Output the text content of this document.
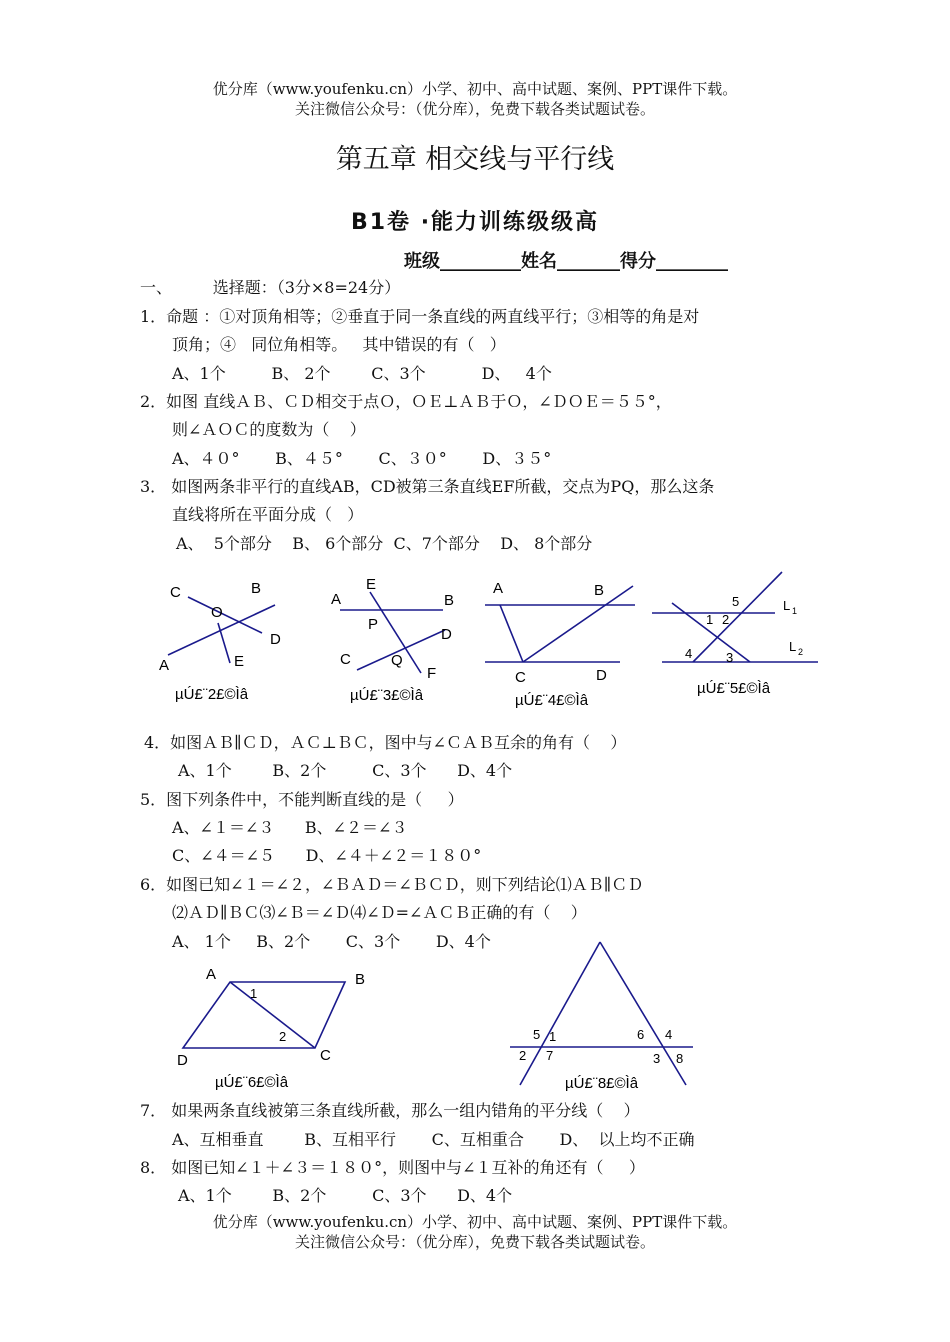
优分库（www.youfenku.cn）小学、初中、高中试题、案例、PPT课件下载。
关注微信公众号：（优分库），免费下载各类试题试卷。
第五章 相交线与平行线
B1卷 ·能力训练级级高
班级_________姓名_______得分________
一、        选择题：（3分×8=24分）
1．命题 ：①对顶角相等；②垂直于同一条直线的两直线平行；③相等的角是对
顶角；④   同位角相等。   其中错误的有（   ）
A、1个         B、 2个        C、3个           D、   4个
2．如图 直线ＡＢ、ＣＤ相交于点Ｏ，ＯＥ⊥ＡＢ于Ｏ，∠ＤＯＥ＝５５°，
则∠ＡＯＣ的度数为（    ）
A、４０°       B、４５°       C、３０°       D、３５°
3． 如图两条非平行的直线AB，CD被第三条直线EF所截，交点为PQ，那么这条
直线将所在平面分成（   ）
A、  5个部分    B、 6个部分  C、7个部分    D、 8个部分
C	B
O
D
A	E
µÚ£¨2£©Ìâ
E
A	B
P
D
C	Q
F
µÚ£¨3£©Ìâ
A	B
C	D
µÚ£¨4£©Ìâ
5
1 2
L 1
L 2
4	3
µÚ£¨5£©Ìâ
4．如图ＡＢ∥ＣＤ，ＡＣ⊥ＢＣ，图中与∠ＣＡＢ互余的角有（    ）
A、1个        B、2个         C、3个      D、4个
5．图下列条件中，不能判断直线的是（     ）
A、∠１＝∠３      B、∠２＝∠３
C、∠４＝∠５      D、∠４＋∠２＝１８０°
6．如图已知∠１＝∠２，∠ＢＡＤ＝∠ＢＣＤ，则下列结论⑴ＡＢ∥ＣＤ
⑵ＡＤ∥ＢＣ⑶∠Ｂ＝∠Ｄ⑷∠Ｄ=∠ＡＣＢ正确的有（    ）
A、 1个     B、2个       C、3个       D、4个
A	B
1
2
D	C
µÚ£¨6£©Ìâ
5 1	6 4
2 7	3 8
µÚ£¨8£©Ìâ
7． 如果两条直线被第三条直线所截，那么一组内错角的平分线（    ）
A、互相垂直        B、互相平行       C、互相重合       D、  以上均不正确
8． 如图已知∠１＋∠３＝１８０°，则图中与∠１互补的角还有（     ）
A、1个        B、2个         C、3个      D、4个
优分库（www.youfenku.cn）小学、初中、高中试题、案例、PPT课件下载。
关注微信公众号：（优分库），免费下载各类试题试卷。
